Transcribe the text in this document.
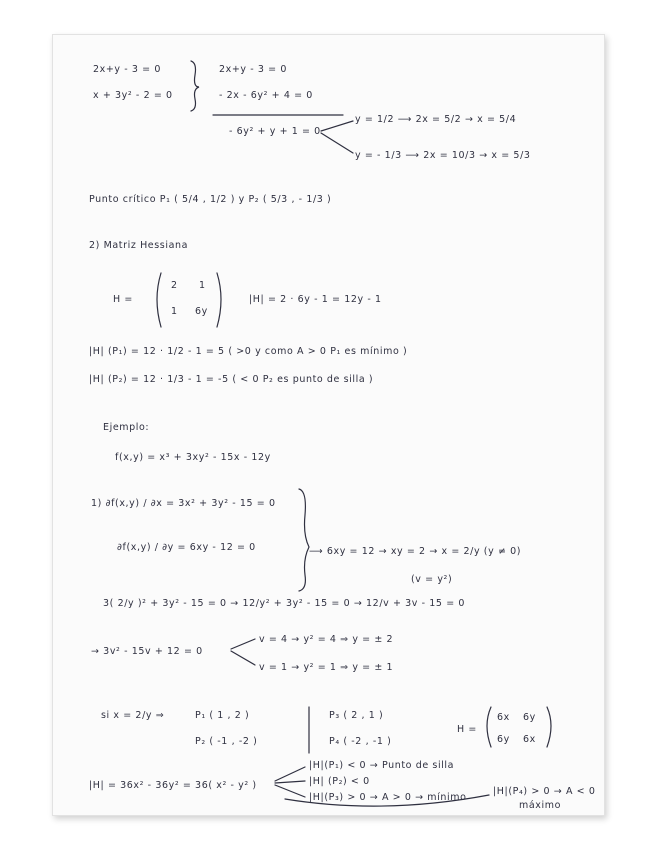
2x+y - 3 = 0
x + 3y² - 2 = 0
2x+y - 3 = 0
- 2x - 6y² + 4 = 0
- 6y² + y + 1 = 0
y = 1/2 ⟶ 2x = 5/2 → x = 5/4
y = - 1/3 ⟶ 2x = 10/3 → x = 5/3
Punto crítico P₁ ( 5/4 , 1/2 ) y P₂ ( 5/3 , - 1/3 )
2) Matriz Hessiana
H =
2 1
1 6y
|H| = 2 · 6y - 1 = 12y - 1
|H| (P₁) = 12 · 1/2 - 1 = 5 ( >0 y como A > 0 P₁ es mínimo )
|H| (P₂) = 12 · 1/3 - 1 = -5 ( < 0 P₂ es punto de silla )
Ejemplo:
f(x,y) = x³ + 3xy² - 15x - 12y
1) ∂f(x,y) / ∂x = 3x² + 3y² - 15 = 0
∂f(x,y) / ∂y = 6xy - 12 = 0	⟶ 6xy = 12 → xy = 2 → x = 2/y (y ≠ 0)
(v = y²)
3( 2/y )² + 3y² - 15 = 0 → 12/y² + 3y² - 15 = 0 → 12/v + 3v - 15 = 0
→ 3v² - 15v + 12 = 0
v = 4 → y² = 4 ⇒ y = ± 2
v = 1 → y² = 1 ⇒ y = ± 1
si x = 2/y ⇒	P₁ ( 1 , 2 )
P₂ ( -1 , -2 )
P₃ ( 2 , 1 )
P₄ ( -2 , -1 )
H =
6x 6y
6y 6x
|H| = 36x² - 36y² = 36( x² - y² )
|H|(P₁) < 0 → Punto de silla
|H| (P₂) < 0
|H|(P₃) > 0 → A > 0 → mínimo
|H|(P₄) > 0 → A < 0
máximo
